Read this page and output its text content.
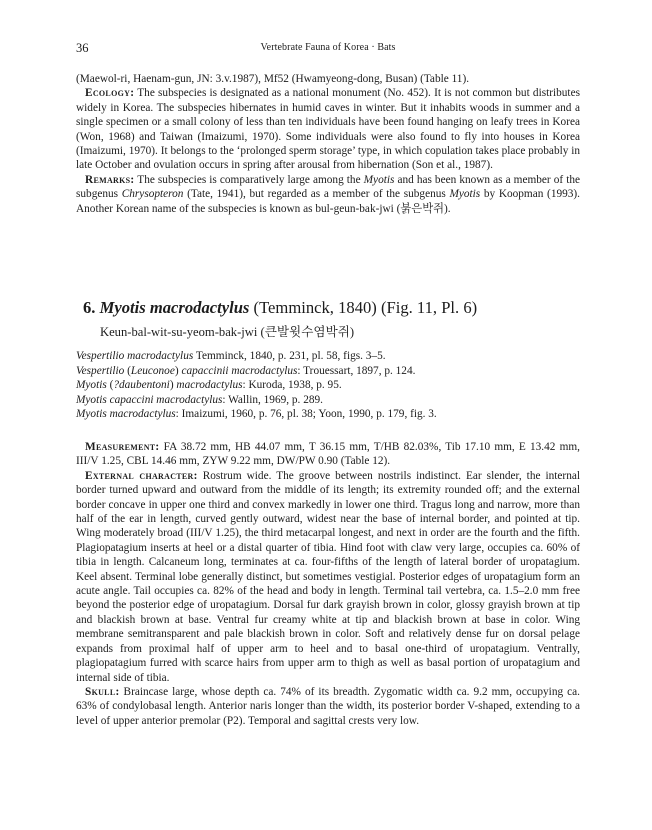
36	Vertebrate Fauna of Korea · Bats

(Maewol-ri, Haenam-gun, JN: 3.v.1987), Mf52 (Hwamyeong-dong, Busan) (Table 11).

Ecology: The subspecies is designated as a national monument (No. 452). It is not common but distributes widely in Korea. The subspecies hibernates in humid caves in winter. But it inhabits woods in summer and a single specimen or a small colony of less than ten individuals have been found hanging on leafy trees in Korea (Won, 1968) and Taiwan (Imaizumi, 1970). Some individuals were also found to fly into houses in Korea (Imaizumi, 1970). It belongs to the ‘prolonged sperm storage’ type, in which copulation takes place probably in late October and ovulation occurs in spring after arousal from hibernation (Son et al., 1987).

Remarks: The subspecies is comparatively large among the Myotis and has been known as a member of the subgenus Chrysopteron (Tate, 1941), but regarded as a member of the subgenus Myotis by Koopman (1993). Another Korean name of the subspecies is known as bul-geun-bak-jwi (붉은박쥐).

6. Myotis macrodactylus (Temminck, 1840) (Fig. 11, Pl. 6)
Keun-bal-wit-su-yeom-bak-jwi (큰발윗수염박쥐)

Vespertilio macrodactylus Temminck, 1840, p. 231, pl. 58, figs. 3–5.

Vespertilio (Leuconoe) capaccinii macrodactylus: Trouessart, 1897, p. 124.

Myotis (?daubentoni) macrodactylus: Kuroda, 1938, p. 95.

Myotis capaccini macrodactylus: Wallin, 1969, p. 289.

Myotis macrodactylus: Imaizumi, 1960, p. 76, pl. 38; Yoon, 1990, p. 179, fig. 3.

Measurement: FA 38.72 mm, HB 44.07 mm, T 36.15 mm, T/HB 82.03%, Tib 17.10 mm, E 13.42 mm, III/V 1.25, CBL 14.46 mm, ZYW 9.22 mm, DW/PW 0.90 (Table 12).

External character: Rostrum wide. The groove between nostrils indistinct. Ear slender, the internal border turned upward and outward from the middle of its length; its extremity rounded off; and the external border concave in upper one third and convex markedly in lower one third. Tragus long and narrow, more than half of the ear in length, curved gently outward, widest near the base of internal border, and pointed at tip. Wing moderately broad (III/V 1.25), the third metacarpal longest, and next in order are the fourth and the fifth. Plagiopatagium inserts at heel or a distal quarter of tibia. Hind foot with claw very large, occupies ca. 60% of tibia in length. Calcaneum long, terminates at ca. four-fifths of the length of lateral border of uropatagium. Keel absent. Terminal lobe generally distinct, but sometimes vestigial. Posterior edges of uropatagium form an acute angle. Tail occupies ca. 82% of the head and body in length. Terminal tail vertebra, ca. 1.5–2.0 mm free beyond the posterior edge of uropatagium. Dorsal fur dark grayish brown in color, glossy grayish brown at tip and blackish brown at base. Ventral fur creamy white at tip and blackish brown at base in color. Wing membrane semitransparent and pale blackish brown in color. Soft and relatively dense fur on dorsal pelage expands from proximal half of upper arm to heel and to basal one-third of uropatagium. Ventrally, plagiopatagium furred with scarce hairs from upper arm to thigh as well as basal portion of uropatagium and internal side of tibia.

Skull: Braincase large, whose depth ca. 74% of its breadth. Zygomatic width ca. 9.2 mm, occupying ca. 63% of condylobasal length. Anterior naris longer than the width, its posterior border V-shaped, extending to a level of upper anterior premolar (P2). Temporal and sagittal crests very low.
